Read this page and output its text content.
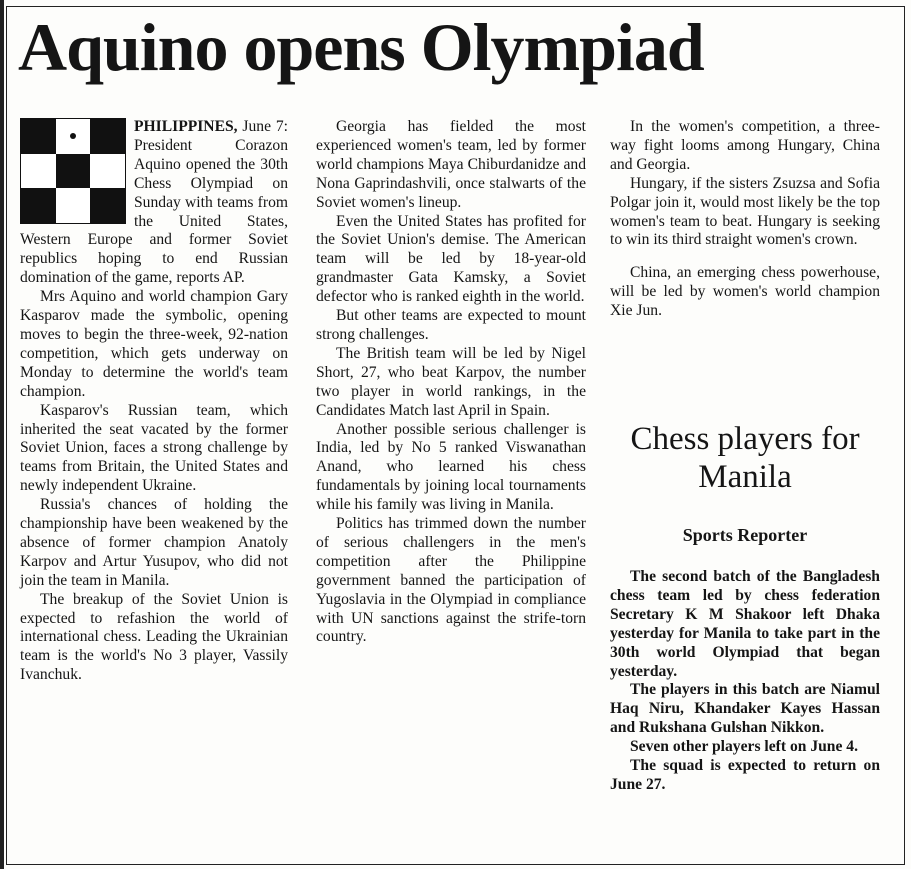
Aquino opens Olympiad

PHILIPPINES, June 7: President Corazon Aquino opened the 30th Chess Olympiad on Sunday with teams from the United States, Western Europe and former Soviet republics hoping to end Russian domination of the game, reports AP.

Mrs Aquino and world champion Gary Kasparov made the symbolic, opening moves to begin the three-week, 92-nation competition, which gets underway on Monday to determine the world's team champion.

Kasparov's Russian team, which inherited the seat vacated by the former Soviet Union, faces a strong challenge by teams from Britain, the United States and newly independent Ukraine.

Russia's chances of holding the championship have been weakened by the absence of former champion Anatoly Karpov and Artur Yusupov, who did not join the team in Manila.

The breakup of the Soviet Union is expected to refashion the world of international chess. Leading the Ukrainian team is the world's No 3 player, Vassily Ivanchuk.

Georgia has fielded the most experienced women's team, led by former world champions Maya Chiburdanidze and Nona Gaprindashvili, once stalwarts of the Soviet women's lineup.

Even the United States has profited for the Soviet Union's demise. The American team will be led by 18-year-old grandmaster Gata Kamsky, a Soviet defector who is ranked eighth in the world.

But other teams are expected to mount strong challenges.

The British team will be led by Nigel Short, 27, who beat Karpov, the number two player in world rankings, in the Candidates Match last April in Spain.

Another possible serious challenger is India, led by No 5 ranked Viswanathan Anand, who learned his chess fundamentals by joining local tournaments while his family was living in Manila.

Politics has trimmed down the number of serious challengers in the men's competition after the Philippine government banned the participation of Yugoslavia in the Olympiad in compliance with UN sanctions against the strife-torn country.

In the women's competition, a three-way fight looms among Hungary, China and Georgia.

Hungary, if the sisters Zsuzsa and Sofia Polgar join it, would most likely be the top women's team to beat. Hungary is seeking to win its third straight women's crown.

China, an emerging chess powerhouse, will be led by women's world champion Xie Jun.

Chess players for Manila

Sports Reporter

The second batch of the Bangladesh chess team led by chess federation Secretary K M Shakoor left Dhaka yesterday for Manila to take part in the 30th world Olympiad that began yesterday.

The players in this batch are Niamul Haq Niru, Khandaker Kayes Hassan and Rukshana Gulshan Nikkon.

Seven other players left on June 4.

The squad is expected to return on June 27.
